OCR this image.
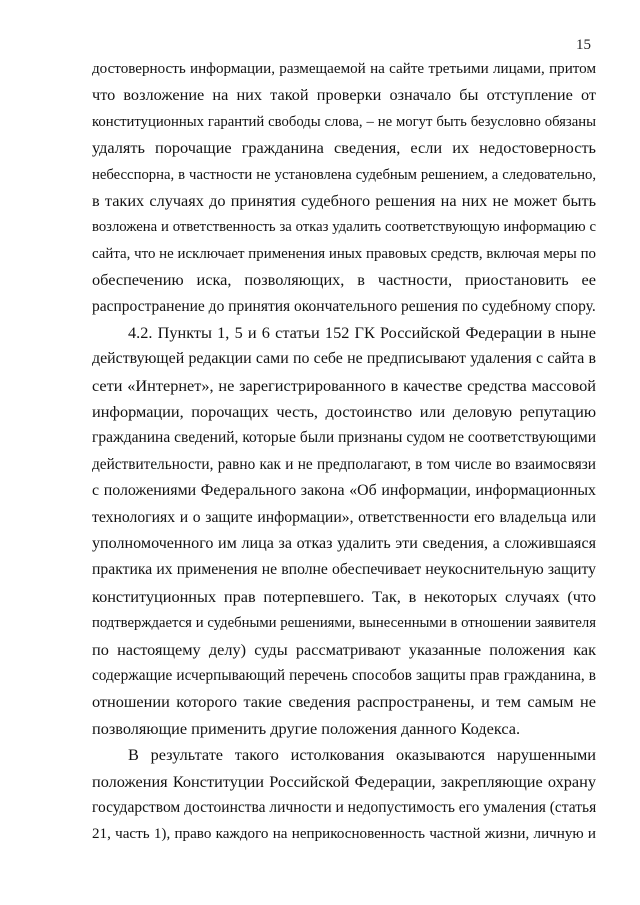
15
достоверность информации, размещаемой на сайте третьими лицами, притом
что возложение на них такой проверки означало бы отступление от
конституционных гарантий свободы слова, – не могут быть безусловно обязаны
удалять порочащие гражданина сведения, если их недостоверность
небесспорна, в частности не установлена судебным решением, а следовательно,
в таких случаях до принятия судебного решения на них не может быть
возложена и ответственность за отказ удалить соответствующую информацию с
сайта, что не исключает применения иных правовых средств, включая меры по
обеспечению иска, позволяющих, в частности, приостановить ее
распространение до принятия окончательного решения по судебному спору.
4.2. Пункты 1, 5 и 6 статьи 152 ГК Российской Федерации в ныне
действующей редакции сами по себе не предписывают удаления с сайта в
сети «Интернет», не зарегистрированного в качестве средства массовой
информации, порочащих честь, достоинство или деловую репутацию
гражданина сведений, которые были признаны судом не соответствующими
действительности, равно как и не предполагают, в том числе во взаимосвязи
с положениями Федерального закона «Об информации, информационных
технологиях и о защите информации», ответственности его владельца или
уполномоченного им лица за отказ удалить эти сведения, а сложившаяся
практика их применения не вполне обеспечивает неукоснительную защиту
конституционных прав потерпевшего. Так, в некоторых случаях (что
подтверждается и судебными решениями, вынесенными в отношении заявителя
по настоящему делу) суды рассматривают указанные положения как
содержащие исчерпывающий перечень способов защиты прав гражданина, в
отношении которого такие сведения распространены, и тем самым не
позволяющие применить другие положения данного Кодекса.
В результате такого истолкования оказываются нарушенными
положения Конституции Российской Федерации, закрепляющие охрану
государством достоинства личности и недопустимость его умаления (статья
21, часть 1), право каждого на неприкосновенность частной жизни, личную и
